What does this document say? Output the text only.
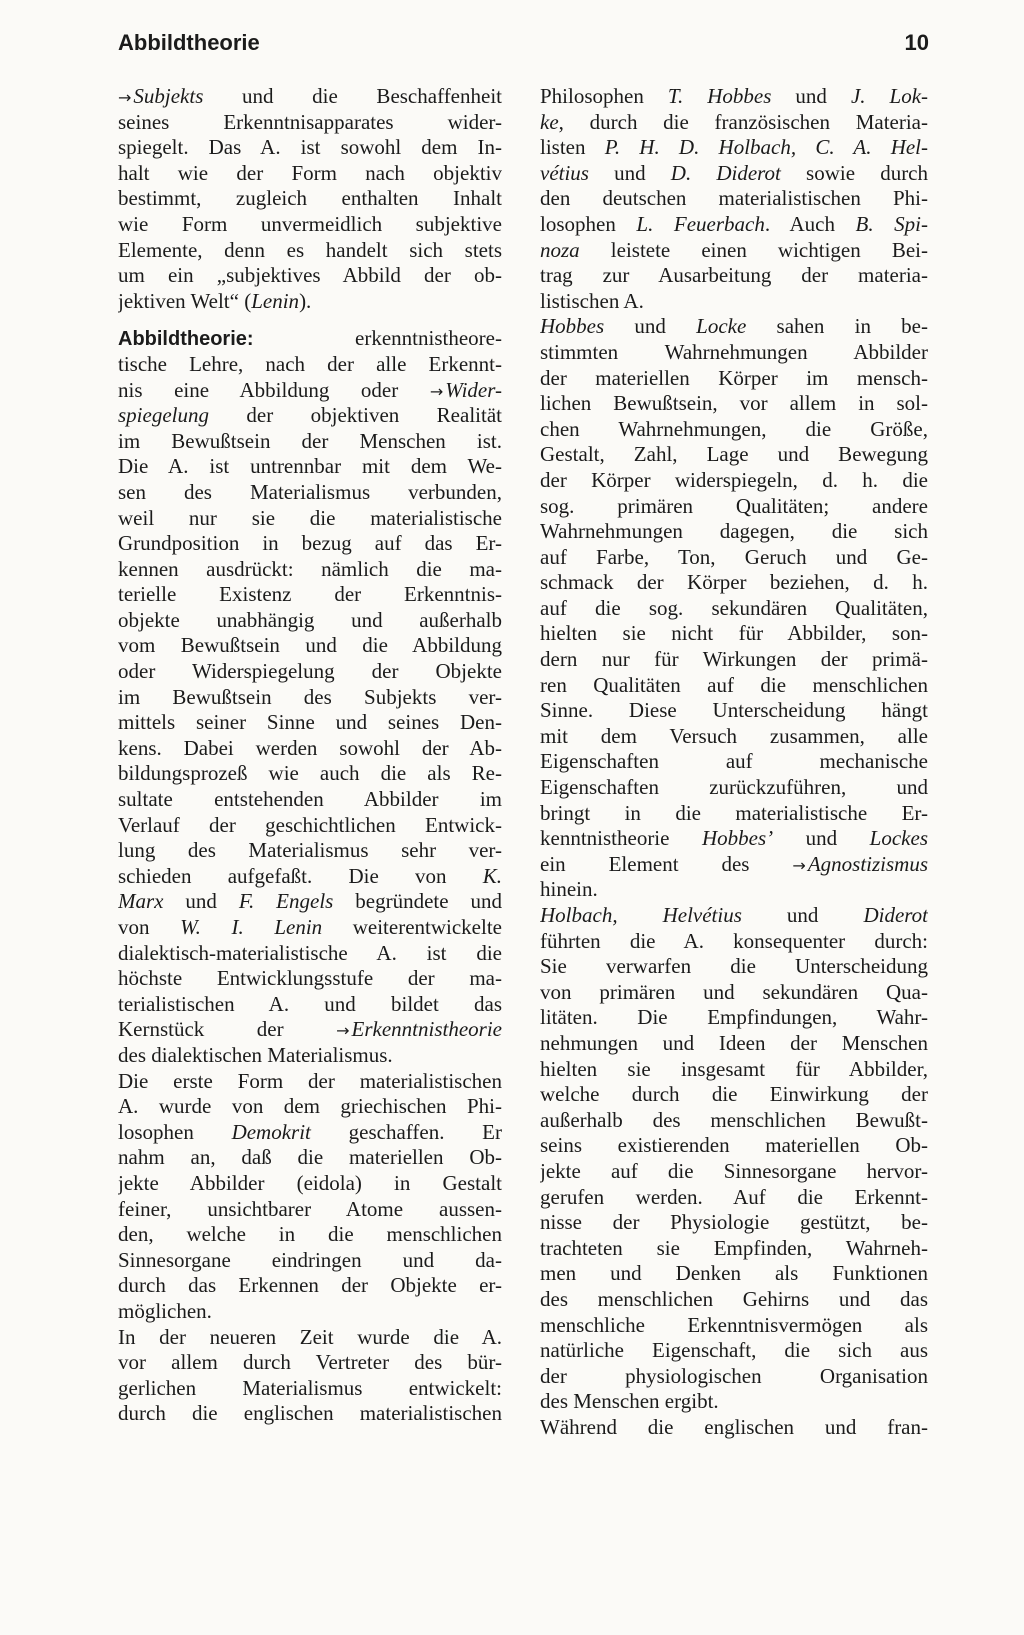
Abbildtheorie	10
→Subjekts und die Beschaffenheit
seines Erkenntnisapparates wider-
spiegelt. Das A. ist sowohl dem In-
halt wie der Form nach objektiv
bestimmt, zugleich enthalten Inhalt
wie Form unvermeidlich subjektive
Elemente, denn es handelt sich stets
um ein „subjektives Abbild der ob-
jektiven Welt“ (Lenin).
Abbildtheorie: erkenntnistheore-
tische Lehre, nach der alle Erkennt-
nis eine Abbildung oder →Wider-
spiegelung der objektiven Realität
im Bewußtsein der Menschen ist.
Die A. ist untrennbar mit dem We-
sen des Materialismus verbunden,
weil nur sie die materialistische
Grundposition in bezug auf das Er-
kennen ausdrückt: nämlich die ma-
terielle Existenz der Erkenntnis-
objekte unabhängig und außerhalb
vom Bewußtsein und die Abbildung
oder Widerspiegelung der Objekte
im Bewußtsein des Subjekts ver-
mittels seiner Sinne und seines Den-
kens. Dabei werden sowohl der Ab-
bildungsprozeß wie auch die als Re-
sultate entstehenden Abbilder im
Verlauf der geschichtlichen Entwick-
lung des Materialismus sehr ver-
schieden aufgefaßt. Die von K.
Marx und F. Engels begründete und
von W. I. Lenin weiterentwickelte
dialektisch-materialistische A. ist die
höchste Entwicklungsstufe der ma-
terialistischen A. und bildet das
Kernstück der →Erkenntnistheorie
des dialektischen Materialismus.
Die erste Form der materialistischen
A. wurde von dem griechischen Phi-
losophen Demokrit geschaffen. Er
nahm an, daß die materiellen Ob-
jekte Abbilder (eidola) in Gestalt
feiner, unsichtbarer Atome aussen-
den, welche in die menschlichen
Sinnesorgane eindringen und da-
durch das Erkennen der Objekte er-
möglichen.
In der neueren Zeit wurde die A.
vor allem durch Vertreter des bür-
gerlichen Materialismus entwickelt:
durch die englischen materialistischen
Philosophen T. Hobbes und J. Lok-
ke, durch die französischen Materia-
listen P. H. D. Holbach, C. A. Hel-
vétius und D. Diderot sowie durch
den deutschen materialistischen Phi-
losophen L. Feuerbach. Auch B. Spi-
noza leistete einen wichtigen Bei-
trag zur Ausarbeitung der materia-
listischen A.
Hobbes und Locke sahen in be-
stimmten Wahrnehmungen Abbilder
der materiellen Körper im mensch-
lichen Bewußtsein, vor allem in sol-
chen Wahrnehmungen, die Größe,
Gestalt, Zahl, Lage und Bewegung
der Körper widerspiegeln, d. h. die
sog. primären Qualitäten; andere
Wahrnehmungen dagegen, die sich
auf Farbe, Ton, Geruch und Ge-
schmack der Körper beziehen, d. h.
auf die sog. sekundären Qualitäten,
hielten sie nicht für Abbilder, son-
dern nur für Wirkungen der primä-
ren Qualitäten auf die menschlichen
Sinne. Diese Unterscheidung hängt
mit dem Versuch zusammen, alle
Eigenschaften auf mechanische
Eigenschaften zurückzuführen, und
bringt in die materialistische Er-
kenntnistheorie Hobbes’ und Lockes
ein Element des →Agnostizismus
hinein.
Holbach, Helvétius und Diderot
führten die A. konsequenter durch:
Sie verwarfen die Unterscheidung
von primären und sekundären Qua-
litäten. Die Empfindungen, Wahr-
nehmungen und Ideen der Menschen
hielten sie insgesamt für Abbilder,
welche durch die Einwirkung der
außerhalb des menschlichen Bewußt-
seins existierenden materiellen Ob-
jekte auf die Sinnesorgane hervor-
gerufen werden. Auf die Erkennt-
nisse der Physiologie gestützt, be-
trachteten sie Empfinden, Wahrneh-
men und Denken als Funktionen
des menschlichen Gehirns und das
menschliche Erkenntnisvermögen als
natürliche Eigenschaft, die sich aus
der physiologischen Organisation
des Menschen ergibt.
Während die englischen und fran-
